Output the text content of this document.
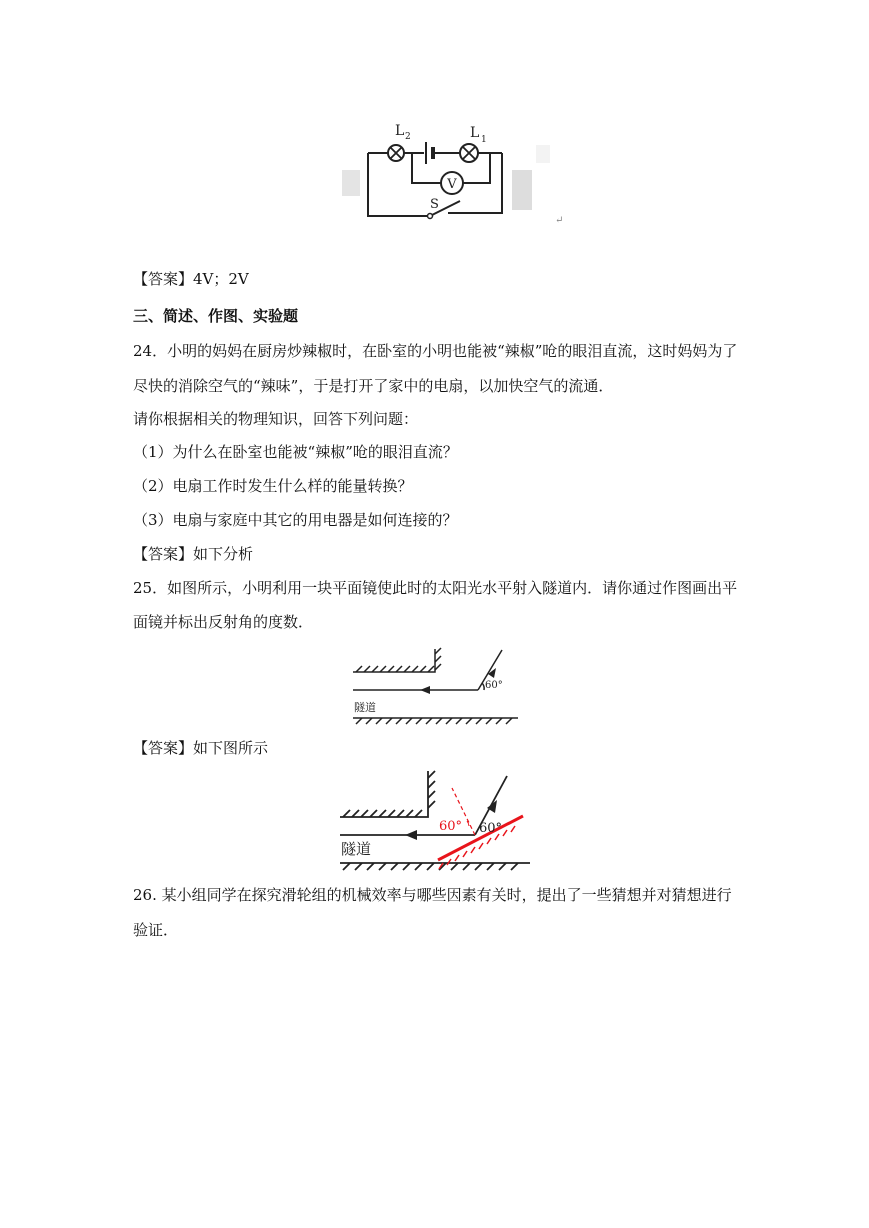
V
L 2	L 1
S
↵
【答案】4V；2V
三、简述、作图、实验题
24．小明的妈妈在厨房炒辣椒时，在卧室的小明也能被“辣椒”呛的眼泪直流，这时妈妈为了
尽快的消除空气的“辣味”，于是打开了家中的电扇，以加快空气的流通．
请你根据相关的物理知识，回答下列问题：
（1）为什么在卧室也能被“辣椒”呛的眼泪直流？
（2）电扇工作时发生什么样的能量转换？
（3）电扇与家庭中其它的用电器是如何连接的？
【答案】如下分析
25．如图所示，小明利用一块平面镜使此时的太阳光水平射入隧道内．请你通过作图画出平
面镜并标出反射角的度数．
隧道
60°
【答案】如下图所示
60° 60°
隧道
26. 某小组同学在探究滑轮组的机械效率与哪些因素有关时，提出了一些猜想并对猜想进行
验证．
